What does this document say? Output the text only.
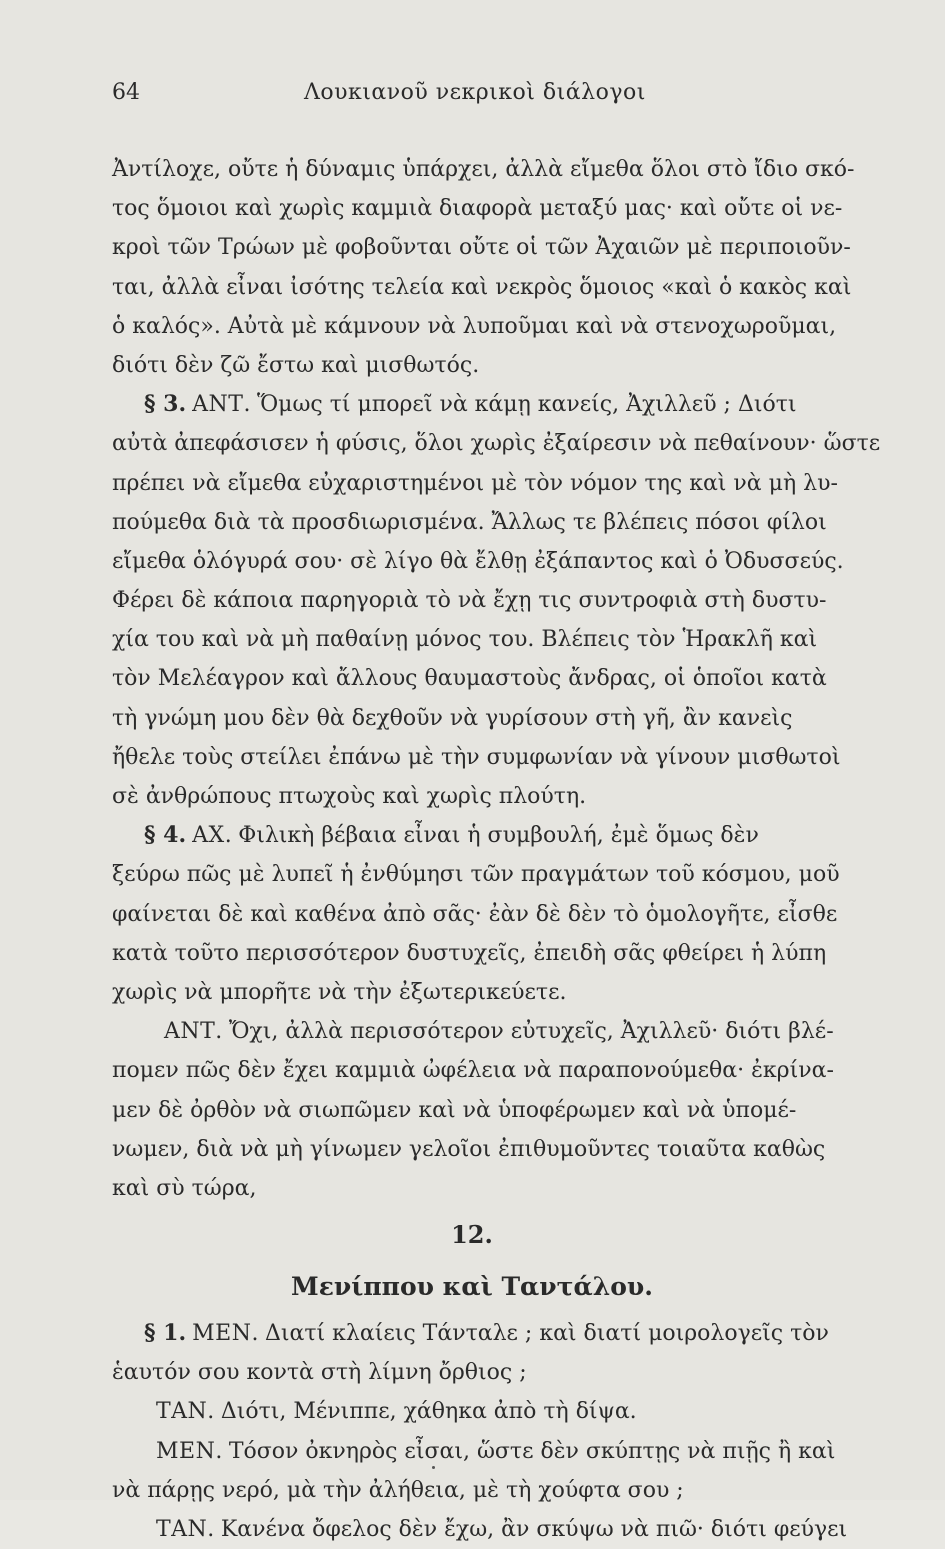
64	Λουκιανοῦ νεκρικοὶ διάλογοι
Ἀντίλοχε, οὔτε ἡ δύναμις ὑπάρχει, ἀλλὰ εἴμεθα ὅλοι στὸ ἴδιο σκό-
τος ὅμοιοι καὶ χωρὶς καμμιὰ διαφορὰ μεταξύ μας· καὶ οὔτε οἱ νε-
κροὶ τῶν Τρώων μὲ φοβοῦνται οὔτε οἱ τῶν Ἀχαιῶν μὲ περιποιοῦν-
ται, ἀλλὰ εἶναι ἰσότης τελεία καὶ νεκρὸς ὅμοιος «καὶ ὁ κακὸς καὶ
ὁ καλός». Αὐτὰ μὲ κάμνουν νὰ λυποῦμαι καὶ νὰ στενοχωροῦμαι,
διότι δὲν ζῶ ἔστω καὶ μισθωτός.
§ 3. ΑΝΤ. Ὅμως τί μπορεῖ νὰ κάμῃ κανείς, Ἀχιλλεῦ ; Διότι
αὐτὰ ἀπεφάσισεν ἡ φύσις, ὅλοι χωρὶς ἐξαίρεσιν νὰ πεθαίνουν· ὥστε
πρέπει νὰ εἴμεθα εὐχαριστημένοι μὲ τὸν νόμον της καὶ νὰ μὴ λυ-
πούμεθα διὰ τὰ προσδιωρισμένα. Ἄλλως τε βλέπεις πόσοι φίλοι
εἴμεθα ὁλόγυρά σου· σὲ λίγο θὰ ἔλθῃ ἐξάπαντος καὶ ὁ Ὀδυσσεύς.
Φέρει δὲ κάποια παρηγοριὰ τὸ νὰ ἔχῃ τις συντροφιὰ στὴ δυστυ-
χία του καὶ νὰ μὴ παθαίνῃ μόνος του. Βλέπεις τὸν Ἡρακλῆ καὶ
τὸν Μελέαγρον καὶ ἄλλους θαυμαστοὺς ἄνδρας, οἱ ὁποῖοι κατὰ
τὴ γνώμη μου δὲν θὰ δεχθοῦν νὰ γυρίσουν στὴ γῆ, ἂν κανεὶς
ἤθελε τοὺς στείλει ἐπάνω μὲ τὴν συμφωνίαν νὰ γίνουν μισθωτοὶ
σὲ ἀνθρώπους πτωχοὺς καὶ χωρὶς πλούτη.
§ 4. ΑΧ. Φιλικὴ βέβαια εἶναι ἡ συμβουλή, ἐμὲ ὅμως δὲν
ξεύρω πῶς μὲ λυπεῖ ἡ ἐνθύμησι τῶν πραγμάτων τοῦ κόσμου, μοῦ
φαίνεται δὲ καὶ καθένα ἀπὸ σᾶς· ἐὰν δὲ δὲν τὸ ὁμολογῆτε, εἶσθε
κατὰ τοῦτο περισσότερον δυστυχεῖς, ἐπειδὴ σᾶς φθείρει ἡ λύπη
χωρὶς νὰ μπορῆτε νὰ τὴν ἐξωτερικεύετε.
ΑΝΤ. Ὄχι, ἀλλὰ περισσότερον εὐτυχεῖς, Ἀχιλλεῦ· διότι βλέ-
πομεν πῶς δὲν ἔχει καμμιὰ ὠφέλεια νὰ παραπονούμεθα· ἐκρίνα-
μεν δὲ ὀρθὸν νὰ σιωπῶμεν καὶ νὰ ὑποφέρωμεν καὶ νὰ ὑπομέ-
νωμεν, διὰ νὰ μὴ γίνωμεν γελοῖοι ἐπιθυμοῦντες τοιαῦτα καθὼς
καὶ σὺ τώρα,
12.
Μενίππου καὶ Ταντάλου.
§ 1. ΜΕΝ. Διατί κλαίεις Τάνταλε ; καὶ διατί μοιρολογεῖς τὸν
ἑαυτόν σου κοντὰ στὴ λίμνη ὄρθιος ;
ΤΑΝ. Διότι, Μένιππε, χάθηκα ἀπὸ τὴ δίψα.
ΜΕΝ. Τόσον ὀκνηρὸς εἶσαι, ὥστε δὲν σκύπτῃς νὰ πιῇς ἢ καὶ
νὰ πάρῃς νερό, μὰ τὴν ἀλήθεια, μὲ τὴ χούφτα σου ;
ΤΑΝ. Κανένα ὄφελος δὲν ἔχω, ἂν σκύψω νὰ πιῶ· διότι φεύγει
